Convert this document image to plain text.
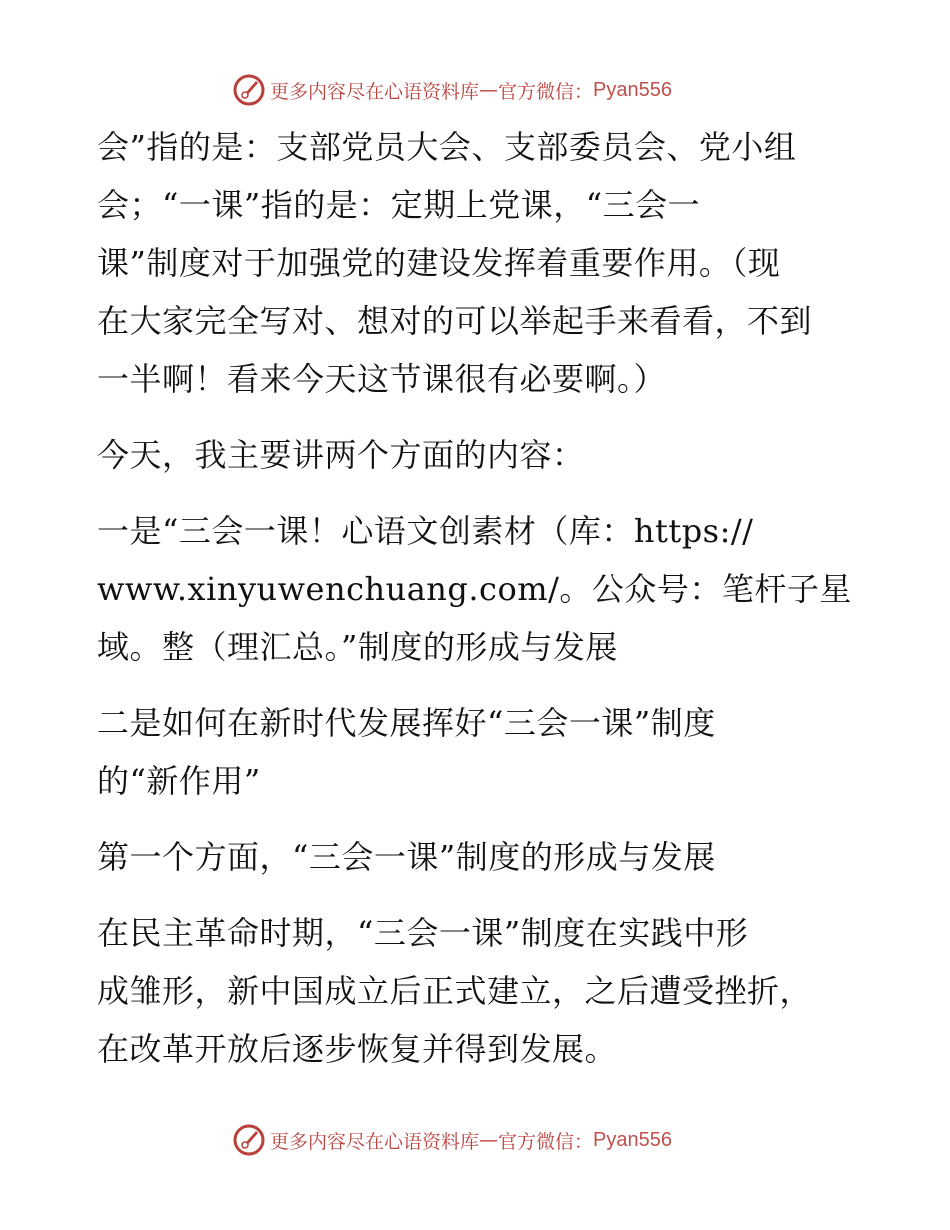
更多内容尽在心语资料库 — 官方微信： Pyan556
会”指的是：支部党员大会、支部委员会、党小组
会；“一课”指的是：定期上党课，“三会一
课”制度对于加强党的建设发挥着重要作用。（现
在大家完全写对、想对的可以举起手来看看，不到
一半啊！看来今天这节课很有必要啊。）
今天，我主要讲两个方面的内容：
一是“三会一课！心语文创素材（库：https://
www.xinyuwenchuang.com/。公众号：笔杆子星
域。整（理汇总。”制度的形成与发展
二是如何在新时代发展挥好“三会一课”制度
的“新作用”
第一个方面，“三会一课”制度的形成与发展
在民主革命时期，“三会一课”制度在实践中形
成雏形，新中国成立后正式建立，之后遭受挫折，
在改革开放后逐步恢复并得到发展。
更多内容尽在心语资料库 — 官方微信： Pyan556
